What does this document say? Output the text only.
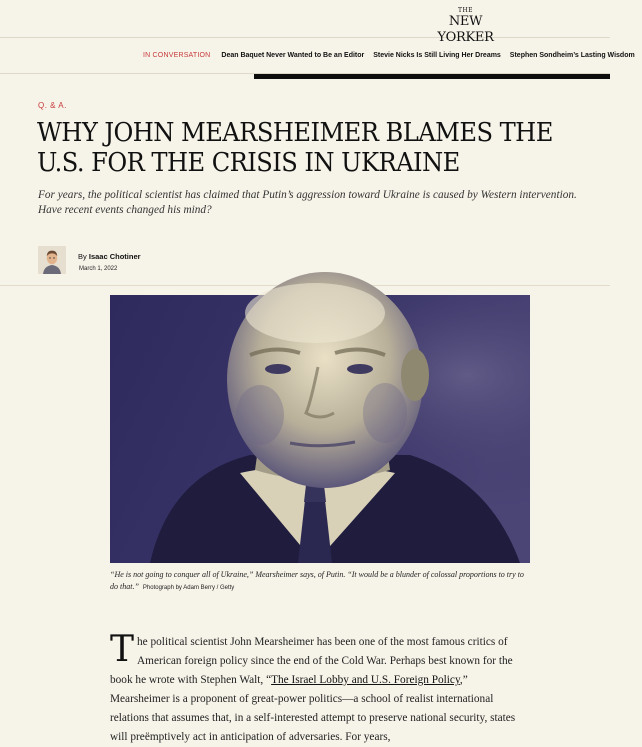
THE
NEW YORKER
IN CONVERSATION Dean Baquet Never Wanted to Be an Editor Stevie Nicks Is Still Living Her Dreams Stephen Sondheim’s Lasting Wisdom
Q. & A.
WHY JOHN MEARSHEIMER BLAMES THE U.S. FOR THE CRISIS IN UKRAINE

For years, the political scientist has claimed that Putin’s aggression toward Ukraine is caused by Western intervention. Have recent events changed his mind?

By Isaac Chotiner
March 1, 2022
“He is not going to conquer all of Ukraine,” Mearsheimer says, of Putin. “It would be a blunder of colossal proportions to try to do that.” Photograph by Adam Berry / Getty
The political scientist John Mearsheimer has been one of the most famous critics of American foreign policy since the end of the Cold War. Perhaps best known for the book he wrote with Stephen Walt, “The Israel Lobby and U.S. Foreign Policy,” Mearsheimer is a proponent of great-power politics—a school of realist international relations that assumes that, in a self-interested attempt to preserve national security, states will preëmptively act in anticipation of adversaries. For years,
